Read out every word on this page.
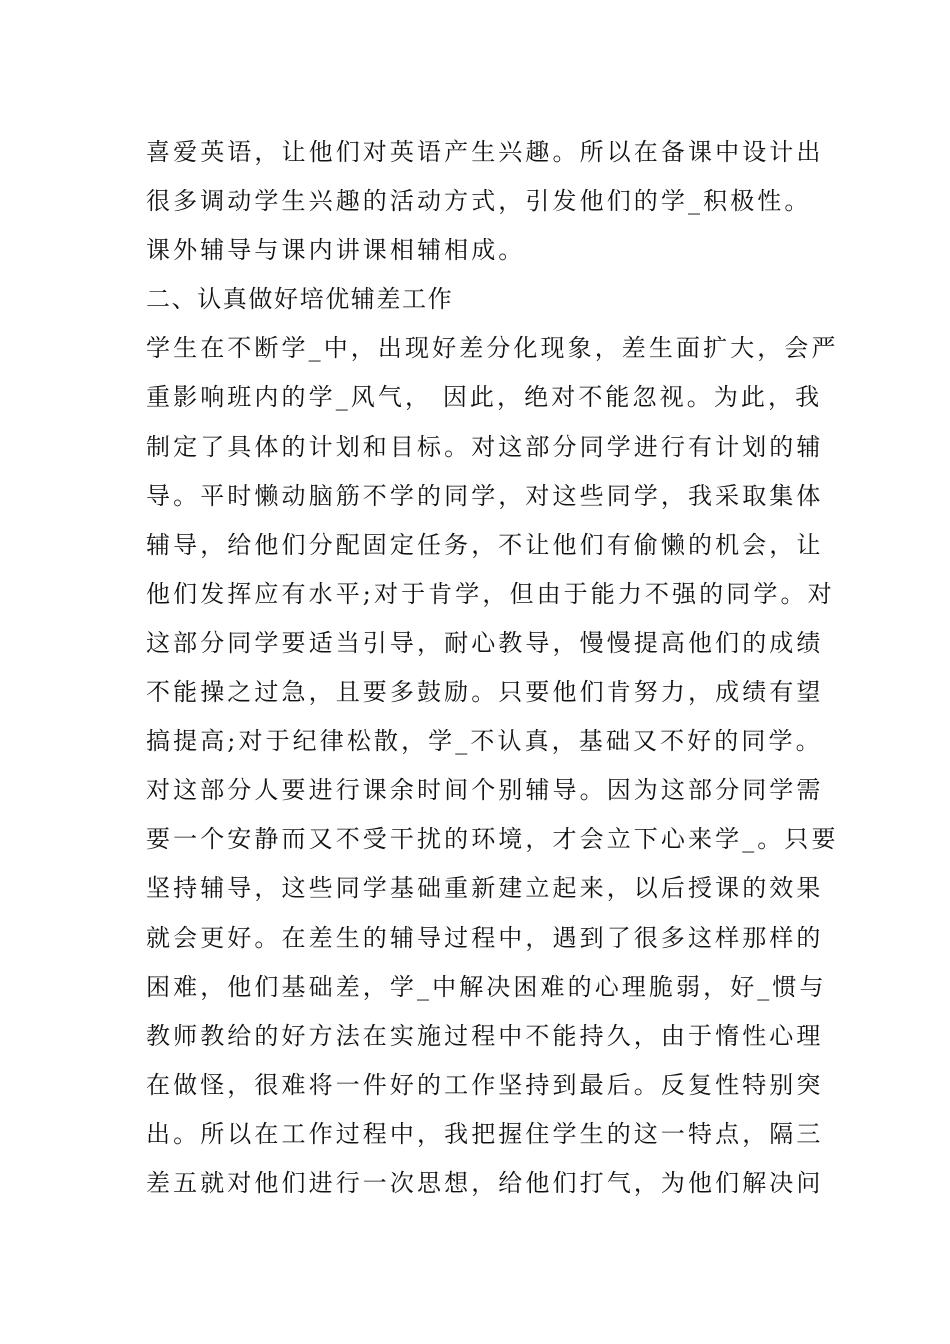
喜爱英语，让他们对英语产生兴趣。所以在备课中设计出
很多调动学生兴趣的活动方式，引发他们的学_积极性。
课外辅导与课内讲课相辅相成。
二、认真做好培优辅差工作
学生在不断学_中，出现好差分化现象，差生面扩大，会严
重影响班内的学_风气， 因此，绝对不能忽视。为此，我
制定了具体的计划和目标。对这部分同学进行有计划的辅
导。平时懒动脑筋不学的同学，对这些同学，我采取集体
辅导，给他们分配固定任务，不让他们有偷懒的机会，让
他们发挥应有水平;对于肯学，但由于能力不强的同学。对
这部分同学要适当引导，耐心教导，慢慢提高他们的成绩
不能操之过急，且要多鼓励。只要他们肯努力，成绩有望
搞提高;对于纪律松散，学_不认真，基础又不好的同学。
对这部分人要进行课余时间个别辅导。因为这部分同学需
要一个安静而又不受干扰的环境，才会立下心来学_。只要
坚持辅导，这些同学基础重新建立起来，以后授课的效果
就会更好。在差生的辅导过程中，遇到了很多这样那样的
困难，他们基础差，学_中解决困难的心理脆弱，好_惯与
教师教给的好方法在实施过程中不能持久，由于惰性心理
在做怪，很难将一件好的工作坚持到最后。反复性特别突
出。所以在工作过程中，我把握住学生的这一特点，隔三
差五就对他们进行一次思想，给他们打气，为他们解决问
